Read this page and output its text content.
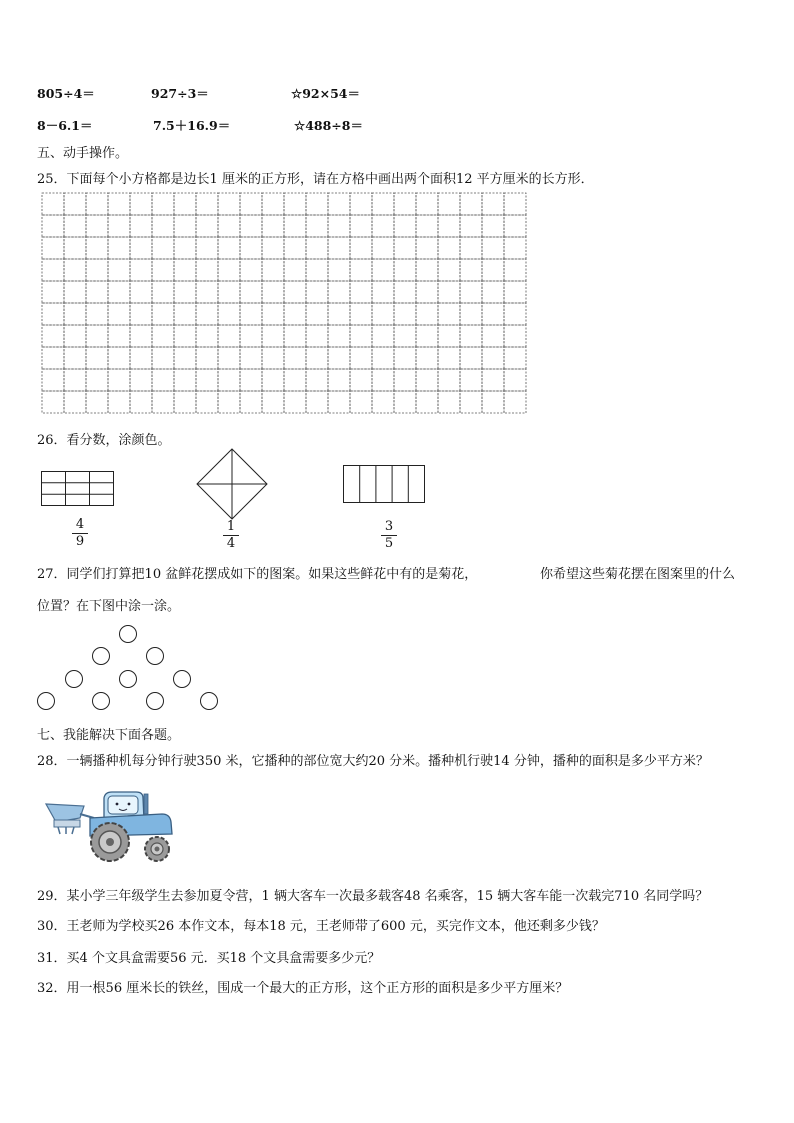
805÷4＝	927÷3＝	☆92×54＝
8－6.1＝	7.5＋16.9＝	☆488÷8＝
五、动手操作。
25．下面每个小方格都是边长1 厘米的正方形，请在方格中画出两个面积12 平方厘米的长方形．
26．看分数，涂颜色。
4
9
1
4
3
5
27．同学们打算把10 盆鲜花摆成如下的图案。如果这些鲜花中有的是菊花，	你希望这些菊花摆在图案里的什么
位置？在下图中涂一涂。
七、我能解决下面各题。
28．一辆播种机每分钟行驶350 米，它播种的部位宽大约20 分米。播种机行驶14 分钟，播种的面积是多少平方米？
29．某小学三年级学生去参加夏令营，1 辆大客车一次最多载客48 名乘客，15 辆大客车能一次载完710 名同学吗？
30．王老师为学校买26 本作文本，每本18 元，王老师带了600 元，买完作文本，他还剩多少钱？
31．买4 个文具盒需要56 元．买18 个文具盒需要多少元？
32．用一根56 厘米长的铁丝，围成一个最大的正方形，这个正方形的面积是多少平方厘米？
